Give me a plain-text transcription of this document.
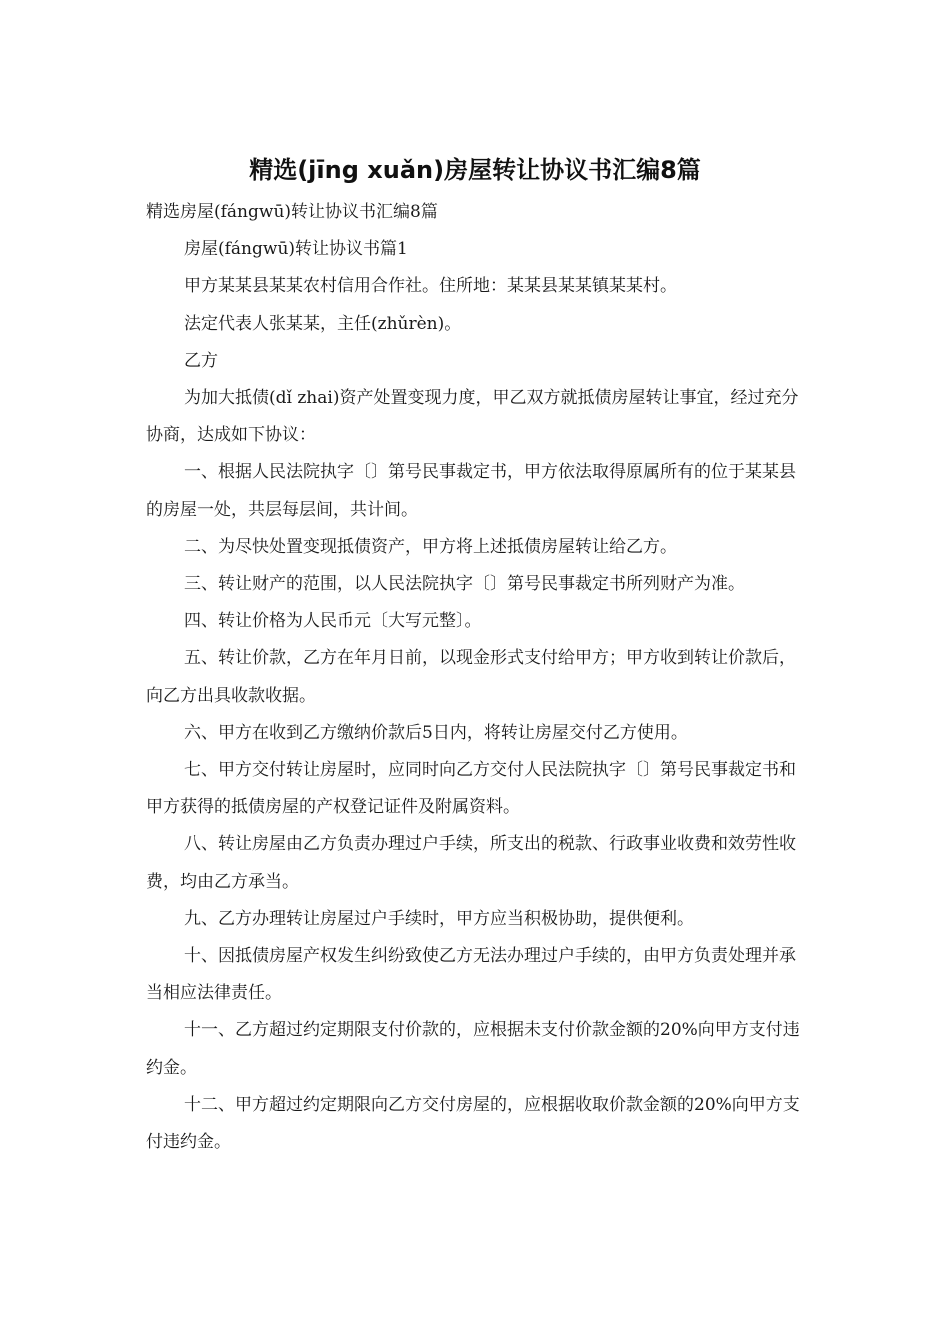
精选(jīng xuǎn)房屋转让协议书汇编8篇

精选房屋(fángwū)转让协议书汇编8篇

房屋(fángwū)转让协议书篇1

甲方某某县某某农村信用合作社。住所地：某某县某某镇某某村。

法定代表人张某某，主任(zhǔrèn)。

乙方

为加大抵债(dǐ zhai)资产处置变现力度，甲乙双方就抵债房屋转让事宜，经过充分协商，达成如下协议：

一、根据人民法院执字〔〕第号民事裁定书，甲方依法取得原属所有的位于某某县的房屋一处，共层每层间，共计间。

二、为尽快处置变现抵债资产，甲方将上述抵债房屋转让给乙方。

三、转让财产的范围，以人民法院执字〔〕第号民事裁定书所列财产为准。

四、转让价格为人民币元〔大写元整〕。

五、转让价款，乙方在年月日前，以现金形式支付给甲方；甲方收到转让价款后，向乙方出具收款收据。

六、甲方在收到乙方缴纳价款后5日内，将转让房屋交付乙方使用。

七、甲方交付转让房屋时，应同时向乙方交付人民法院执字〔〕第号民事裁定书和甲方获得的抵债房屋的产权登记证件及附属资料。

八、转让房屋由乙方负责办理过户手续，所支出的税款、行政事业收费和效劳性收费，均由乙方承当。

九、乙方办理转让房屋过户手续时，甲方应当积极协助，提供便利。

十、因抵债房屋产权发生纠纷致使乙方无法办理过户手续的，由甲方负责处理并承当相应法律责任。

十一、乙方超过约定期限支付价款的，应根据未支付价款金额的20%向甲方支付违约金。

十二、甲方超过约定期限向乙方交付房屋的，应根据收取价款金额的20%向甲方支付违约金。
